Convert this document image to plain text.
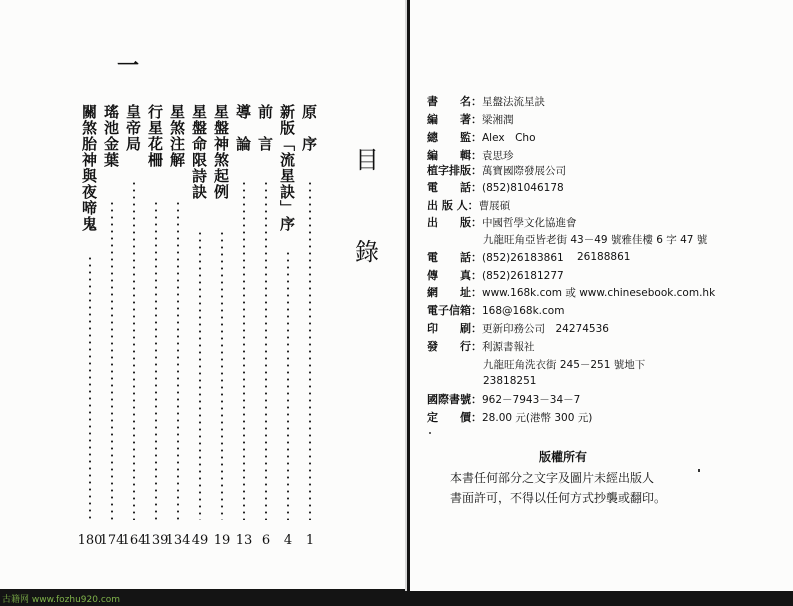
一
目
錄
原　序
1
新版「流星訣」序
4
前　言
6
導　論
13
星盤神煞起例
19
星盤命限詩訣
49
星煞注解
134
行星花柵
139
皇帝局
164
瑤池金葉
174
關煞胎神與夜啼鬼
180
書　　名：星盤法流星訣
編　　著：梁湘潤
總　　監：Alex　Cho
編　　輯：袁思珍
植字排版：萬寶國際發展公司
電　　話：(852)81046178
出 版 人：曹展碩
出　　版：中國哲學文化協進會
九龍旺角亞皆老街 43－49 號雅佳樓 6 字 47 號
電　　話：(852)26183861 26188861
傳　　真：(852)26181277
網　　址：www.168k.com 或 www.chinesebook.com.hk
電子信箱：168@168k.com
印　　刷：更新印務公司　24274536
發　　行：利源書報社
九龍旺角洗衣街 245－251 號地下
23818251
國際書號：962－7943－34－7
定　　價：28.00 元(港幣 300 元)
版權所有
本書任何部分之文字及圖片未經出版人
書面許可，不得以任何方式抄襲或翻印。
古籍网 www.fozhu920.com
